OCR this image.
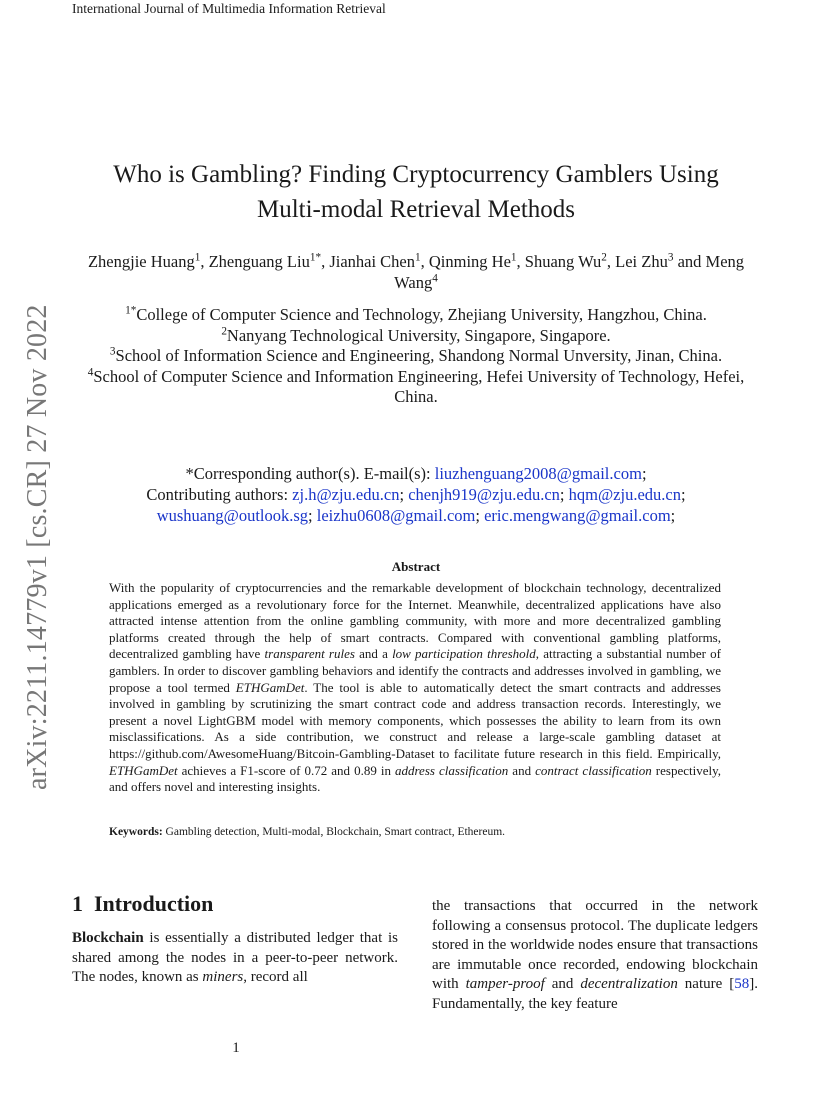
International Journal of Multimedia Information Retrieval
arXiv:2211.14779v1 [cs.CR] 27 Nov 2022
Who is Gambling? Finding Cryptocurrency Gamblers Using
Multi-modal Retrieval Methods
Zhengjie Huang$^1$, Zhenguang Liu$^{1*}$, Jianhai Chen$^1$, Qinming He$^1$, Shuang Wu$^2$, Lei Zhu$^3$ and Meng Wang$^4$
$^{1*}$College of Computer Science and Technology, Zhejiang University, Hangzhou, China.
$^2$Nanyang Technological University, Singapore, Singapore.
$^3$School of Information Science and Engineering, Shandong Normal Unversity, Jinan, China.
$^4$School of Computer Science and Information Engineering, Hefei University of Technology, Hefei, China.
*Corresponding author(s). E-mail(s): liuzhenguang2008@gmail.com;
Contributing authors: zj.h@zju.edu.cn; chenjh919@zju.edu.cn; hqm@zju.edu.cn; wushuang@outlook.sg; leizhu0608@gmail.com; eric.mengwang@gmail.com;
Abstract
With the popularity of cryptocurrencies and the remarkable development of blockchain technology, decentralized applications emerged as a revolutionary force for the Internet. Meanwhile, decentralized applications have also attracted intense attention from the online gambling community, with more and more decentralized gambling platforms created through the help of smart contracts. Compared with conventional gambling platforms, decentralized gambling have transparent rules and a low participation threshold, attracting a substantial number of gamblers. In order to discover gambling behaviors and identify the contracts and addresses involved in gambling, we propose a tool termed ETHGamDet. The tool is able to automatically detect the smart contracts and addresses involved in gambling by scrutinizing the smart contract code and address transaction records. Interestingly, we present a novel LightGBM model with memory components, which possesses the ability to learn from its own misclassifications. As a side contribution, we construct and release a large-scale gambling dataset at https://github.com/AwesomeHuang/Bitcoin-Gambling-Dataset to facilitate future research in this field. Empirically, ETHGamDet achieves a F1-score of 0.72 and 0.89 in address classification and contract classification respectively, and offers novel and interesting insights.
Keywords: Gambling detection, Multi-modal, Blockchain, Smart contract, Ethereum.
1 Introduction
Blockchain is essentially a distributed ledger that is shared among the nodes in a peer-to-peer network. The nodes, known as miners, record all
the transactions that occurred in the network following a consensus protocol. The duplicate ledgers stored in the worldwide nodes ensure that transactions are immutable once recorded, endowing blockchain with tamper-proof and decentralization nature [58]. Fundamentally, the key feature
1
